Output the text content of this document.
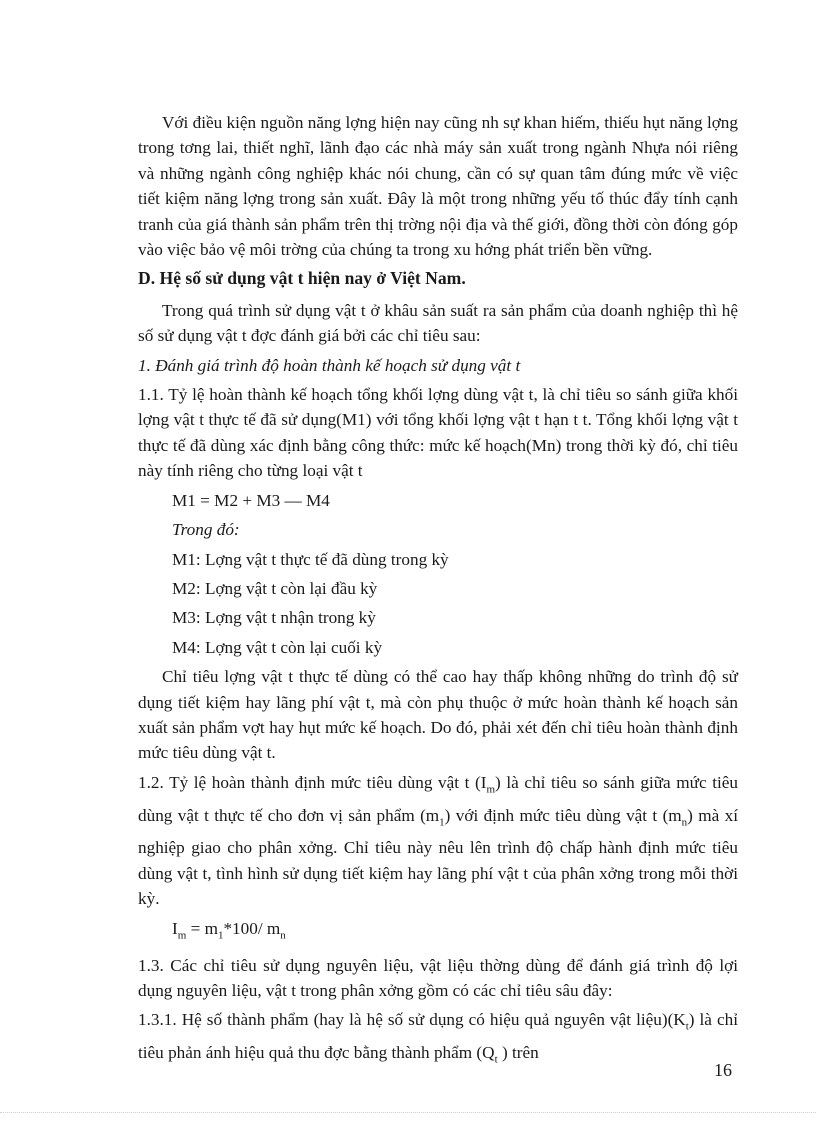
Với điều kiện nguồn năng lợng hiện nay cũng nh sự khan hiếm, thiếu hụt năng lợng trong tơng lai, thiết nghĩ, lãnh đạo các nhà máy sản xuất trong ngành Nhựa nói riêng và những ngành công nghiệp khác nói chung, cần có sự quan tâm đúng mức về việc tiết kiệm năng lợng trong sản xuất. Đây là một trong những yếu tố thúc đẩy tính cạnh tranh của giá thành sản phẩm trên thị trờng nội địa và thế giới, đồng thời còn đóng góp vào việc bảo vệ môi trờng của chúng ta trong xu hớng phát triển bền vững.

D. Hệ số sử dụng vật t hiện nay ở Việt Nam.

Trong quá trình sử dụng vật t ở khâu sản suất ra sản phẩm của doanh nghiệp thì hệ số sử dụng vật t đợc đánh giá bởi các chỉ tiêu sau:

1. Đánh giá trình độ hoàn thành kế hoạch sử dụng vật t

1.1. Tỷ lệ hoàn thành kế hoạch tổng khối lợng dùng vật t, là chỉ tiêu so sánh giữa khối lợng vật t thực tế đã sử dụng(M1) với tổng khối lợng vật t hạn t t. Tổng khối lợng vật t thực tế đã dùng xác định bằng công thức: mức kế hoạch(Mn) trong thời kỳ đó, chỉ tiêu này tính riêng cho từng loại vật t

M1 = M2 + M3 — M4

Trong đó:

M1: Lợng vật t thực tế đã dùng trong kỳ

M2: Lợng vật t còn lại đầu kỳ

M3: Lợng vật t nhận trong kỳ

M4: Lợng vật t còn lại cuối kỳ

Chỉ tiêu lợng vật t thực tế dùng có thể cao hay thấp không những do trình độ sử dụng tiết kiệm hay lãng phí vật t, mà còn phụ thuộc ở mức hoàn thành kế hoạch sản xuất sản phẩm vợt hay hụt mức kế hoạch. Do đó, phải xét đến chỉ tiêu hoàn thành định mức tiêu dùng vật t.

1.2. Tỷ lệ hoàn thành định mức tiêu dùng vật t $(I_m)$ là chỉ tiêu so sánh giữa mức tiêu dùng vật t thực tế cho đơn vị sản phẩm $(m_1)$ với định mức tiêu dùng vật t $(m_n)$ mà xí nghiệp giao cho phân xởng. Chỉ tiêu này nêu lên trình độ chấp hành định mức tiêu dùng vật t, tình hình sử dụng tiết kiệm hay lãng phí vật t của phân xởng trong mỗi thời kỳ.

$I_m = m_1*100/$ $m_n$

1.3. Các chỉ tiêu sử dụng nguyên liệu, vật liệu thờng dùng để đánh giá trình độ lợi dụng nguyên liệu, vật t trong phân xởng gồm có các chỉ tiêu sâu đây:

1.3.1. Hệ số thành phẩm (hay là hệ số sử dụng có hiệu quả nguyên vật $liệu)(K_t)$ là chỉ tiêu phản ánh hiệu quả thu đợc bằng thành phẩm ($Q_t$ ) trên

16
